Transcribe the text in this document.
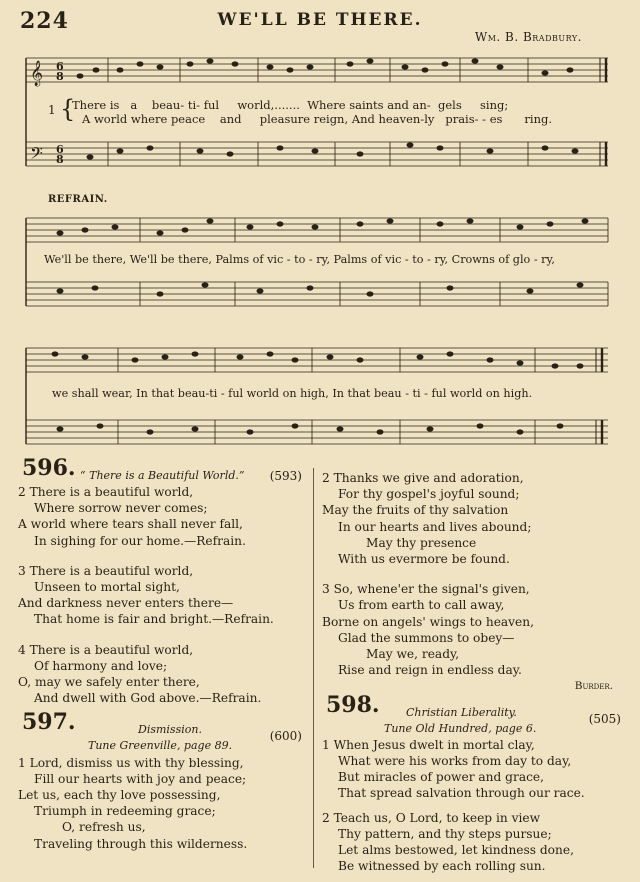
224	WE'LL BE THERE.
Wm. B. Bradbury.
𝄞 6
8
𝄢 6
8
1 {
There is a beau- ti- ful world,....... Where saints and an- gels sing;
A world where peace and pleasure reign, And heaven-ly prais- - es ring.
REFRAIN.
We'll be there, We'll be there, Palms of vic - to - ry, Palms of vic - to - ry, Crowns of glo - ry,
we shall wear, In that beau-ti - ful world on high, In that beau - ti - ful world on high.
596. “ There is a Beautiful World.” (593)
2 There is a beautiful world,
Where sorrow never comes;
A world where tears shall never fall,
In sighing for our home.—Refrain.
3 There is a beautiful world,
Unseen to mortal sight,
And darkness never enters there—
That home is fair and bright.—Refrain.
4 There is a beautiful world,
Of harmony and love;
O, may we safely enter there,
And dwell with God above.—Refrain.
597.	Dismission.	(600)
Tune Greenville, page 89.
1 Lord, dismiss us with thy blessing,
Fill our hearts with joy and peace;
Let us, each thy love possessing,
Triumph in redeeming grace;
O, refresh us,
Traveling through this wilderness.
2 Thanks we give and adoration,
For thy gospel's joyful sound;
May the fruits of thy salvation
In our hearts and lives abound;
May thy presence
With us evermore be found.
3 So, whene'er the signal's given,
Us from earth to call away,
Borne on angels' wings to heaven,
Glad the summons to obey—
May we, ready,
Rise and reign in endless day.
Burder.
598. Christian Liberality.	(505)
Tune Old Hundred, page 6.
1 When Jesus dwelt in mortal clay,
What were his works from day to day,
But miracles of power and grace,
That spread salvation through our race.
2 Teach us, O Lord, to keep in view
Thy pattern, and thy steps pursue;
Let alms bestowed, let kindness done,
Be witnessed by each rolling sun.
